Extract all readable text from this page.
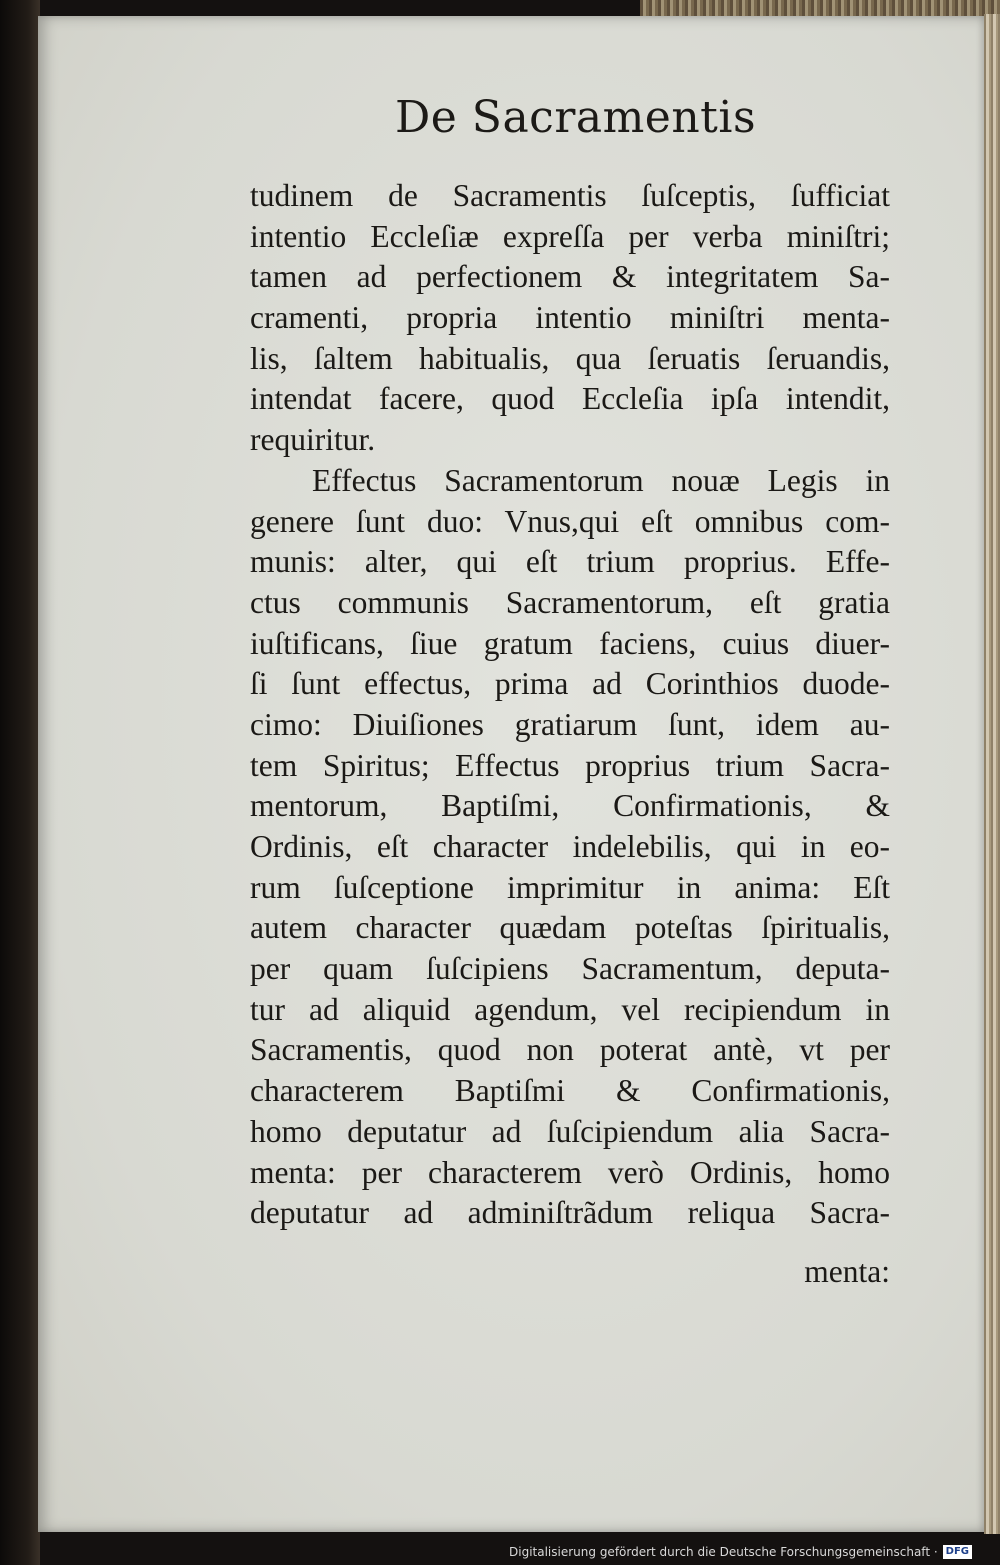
De Sacramentis
tudinem de Sacramentis ſuſceptis, ſufficiat
intentio Eccleſiæ expreſſa per verba miniſtri;
tamen ad perfectionem & integritatem Sa-
cramenti, propria intentio miniſtri menta-
lis, ſaltem habitualis, qua ſeruatis ſeruandis,
intendat facere, quod Eccleſia ipſa intendit,
requiritur.
Effectus Sacramentorum nouæ Legis in
genere ſunt duo: Vnus,qui eſt omnibus com-
munis: alter, qui eſt trium proprius. Effe-
ctus communis Sacramentorum, eſt gratia
iuſtificans, ſiue gratum faciens, cuius diuer-
ſi ſunt effectus, prima ad Corinthios duode-
cimo: Diuiſiones gratiarum ſunt, idem au-
tem Spiritus; Effectus proprius trium Sacra-
mentorum, Baptiſmi, Confirmationis, &
Ordinis, eſt character indelebilis, qui in eo-
rum ſuſceptione imprimitur in anima: Eſt
autem character quædam poteſtas ſpiritualis,
per quam ſuſcipiens Sacramentum, deputa-
tur ad aliquid agendum, vel recipiendum in
Sacramentis, quod non poterat antè, vt per
characterem Baptiſmi & Confirmationis,
homo deputatur ad ſuſcipiendum alia Sacra-
menta: per characterem verò Ordinis, homo
deputatur ad adminiſtrãdum reliqua Sacra-
menta:
Digitalisierung gefördert durch die Deutsche Forschungsgemeinschaft · DFG
